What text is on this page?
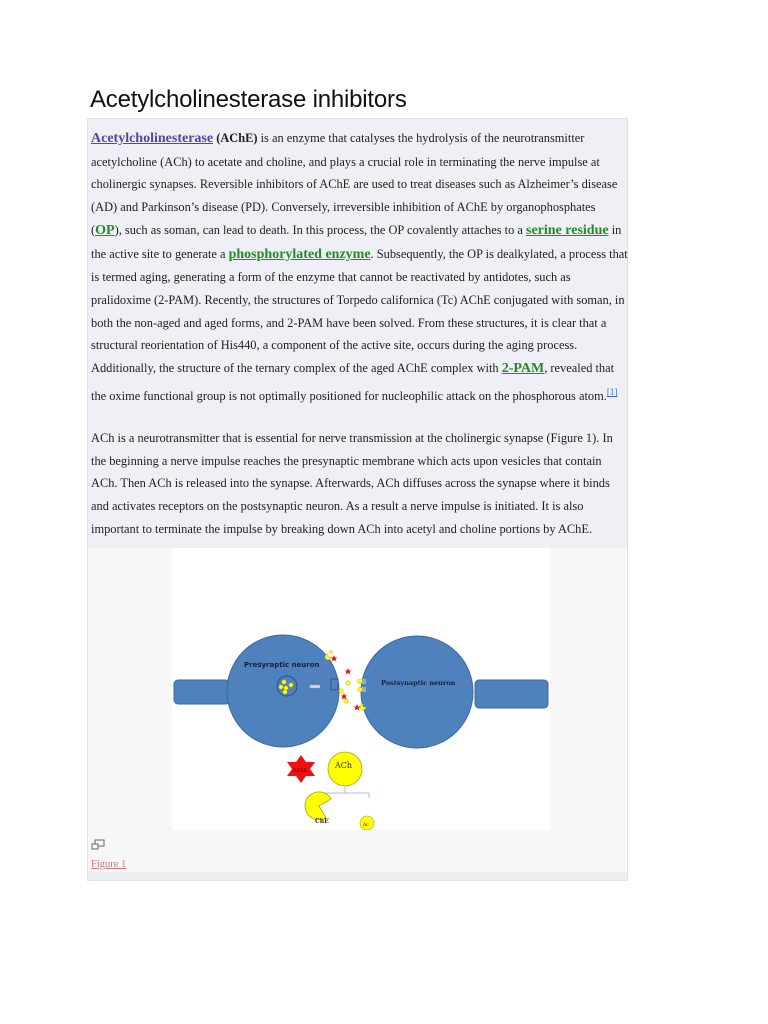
Acetylcholinesterase inhibitors

Acetylcholinesterase (AChE) is an enzyme that catalyses the hydrolysis of the neurotransmitter acetylcholine (ACh) to acetate and choline, and plays a crucial role in terminating the nerve impulse at cholinergic synapses. Reversible inhibitors of AChE are used to treat diseases such as Alzheimer’s disease (AD) and Parkinson’s disease (PD). Conversely, irreversible inhibition of AChE by organophosphates (OP), such as soman, can lead to death. In this process, the OP covalently attaches to a serine residue in the active site to generate a phosphorylated enzyme. Subsequently, the OP is dealkylated, a process that is termed aging, generating a form of the enzyme that cannot be reactivated by antidotes, such as pralidoxime (2-PAM). Recently, the structures of Torpedo californica (Tc) AChE conjugated with soman, in both the non-aged and aged forms, and 2-PAM have been solved. From these structures, it is clear that a structural reorientation of His440, a component of the active site, occurs during the aging process. Additionally, the structure of the ternary complex of the aged AChE complex with 2-PAM, revealed that the oxime functional group is not optimally positioned for nucleophilic attack on the phosphorous atom.[1]

ACh is a neurotransmitter that is essential for nerve transmission at the cholinergic synapse (Figure 1). In the beginning a nerve impulse reaches the presynaptic membrane which acts upon vesicles that contain ACh. Then ACh is released into the synapse. Afterwards, ACh diffuses across the synapse where it binds and activates receptors on the postsynaptic neuron. As a result a nerve impulse is initiated. It is also important to terminate the impulse by breaking down ACh into acetyl and choline portions by AChE.

Presyraptic neuron
Postsynaptic neuron
AChE
ACh
ChE
Ac
Figure 1
